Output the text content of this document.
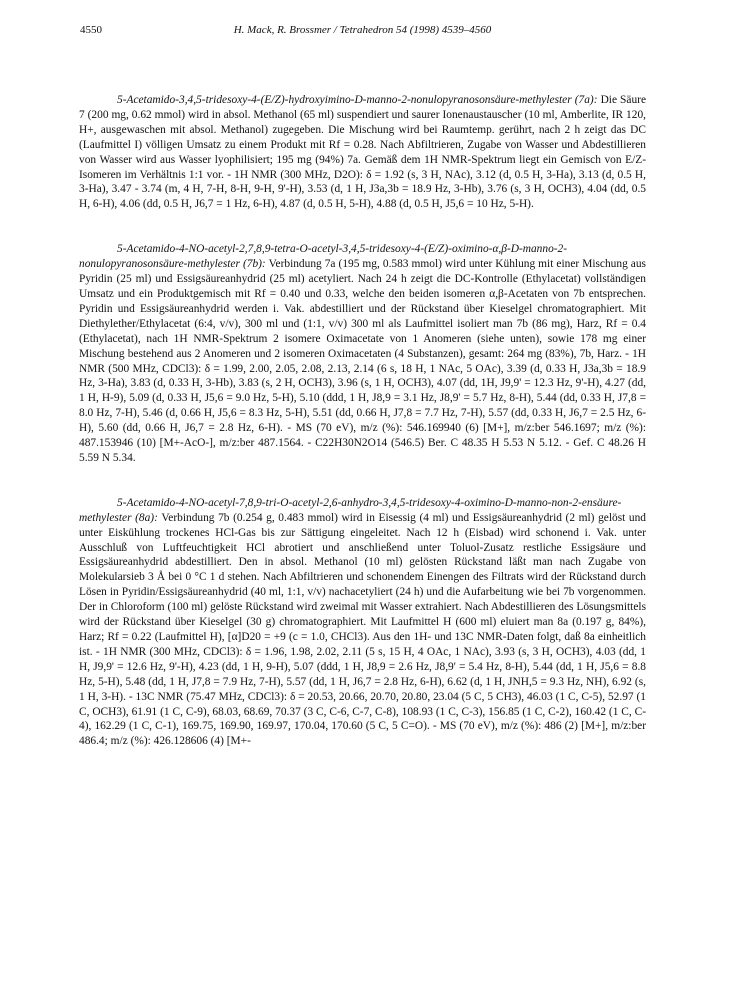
4550	H. Mack, R. Brossmer / Tetrahedron 54 (1998) 4539–4560

5-Acetamido-3,4,5-tridesoxy-4-(E/Z)-hydroxyimino-D-manno-2-nonulopyranosonsäure-methylester (7a): Die Säure 7 (200 mg, 0.62 mmol) wird in absol. Methanol (65 ml) suspendiert und saurer Ionenaustauscher (10 ml, Amberlite, IR 120, H+, ausgewaschen mit absol. Methanol) zugegeben. Die Mischung wird bei Raumtemp. gerührt, nach 2 h zeigt das DC (Laufmittel I) völligen Umsatz zu einem Produkt mit Rf = 0.28. Nach Abfiltrieren, Zugabe von Wasser und Abdestillieren von Wasser wird aus Wasser lyophilisiert; 195 mg (94%) 7a. Gemäß dem 1H NMR-Spektrum liegt ein Gemisch von E/Z-Isomeren im Verhältnis 1:1 vor. - 1H NMR (300 MHz, D2O): δ = 1.92 (s, 3 H, NAc), 3.12 (d, 0.5 H, 3-Ha), 3.13 (d, 0.5 H, 3-Ha), 3.47 - 3.74 (m, 4 H, 7-H, 8-H, 9-H, 9'-H), 3.53 (d, 1 H, J3a,3b = 18.9 Hz, 3-Hb), 3.76 (s, 3 H, OCH3), 4.04 (dd, 0.5 H, 6-H), 4.06 (dd, 0.5 H, J6,7 = 1 Hz, 6-H), 4.87 (d, 0.5 H, 5-H), 4.88 (d, 0.5 H, J5,6 = 10 Hz, 5-H).

5-Acetamido-4-NO-acetyl-2,7,8,9-tetra-O-acetyl-3,4,5-tridesoxy-4-(E/Z)-oximino-α,β-D-manno-2-nonulopyranosonsäure-methylester (7b): Verbindung 7a (195 mg, 0.583 mmol) wird unter Kühlung mit einer Mischung aus Pyridin (25 ml) und Essigsäureanhydrid (25 ml) acetyliert. Nach 24 h zeigt die DC-Kontrolle (Ethylacetat) vollständigen Umsatz und ein Produktgemisch mit Rf = 0.40 und 0.33, welche den beiden isomeren α,β-Acetaten von 7b entsprechen. Pyridin und Essigsäureanhydrid werden i. Vak. abdestilliert und der Rückstand über Kieselgel chromatographiert. Mit Diethylether/Ethylacetat (6:4, v/v), 300 ml und (1:1, v/v) 300 ml als Laufmittel isoliert man 7b (86 mg), Harz, Rf = 0.4 (Ethylacetat), nach 1H NMR-Spektrum 2 isomere Oximacetate von 1 Anomeren (siehe unten), sowie 178 mg einer Mischung bestehend aus 2 Anomeren und 2 isomeren Oximacetaten (4 Substanzen), gesamt: 264 mg (83%), 7b, Harz. - 1H NMR (500 MHz, CDCl3): δ = 1.99, 2.00, 2.05, 2.08, 2.13, 2.14 (6 s, 18 H, 1 NAc, 5 OAc), 3.39 (d, 0.33 H, J3a,3b = 18.9 Hz, 3-Ha), 3.83 (d, 0.33 H, 3-Hb), 3.83 (s, 2 H, OCH3), 3.96 (s, 1 H, OCH3), 4.07 (dd, 1H, J9,9' = 12.3 Hz, 9'-H), 4.27 (dd, 1 H, H-9), 5.09 (d, 0.33 H, J5,6 = 9.0 Hz, 5-H), 5.10 (ddd, 1 H, J8,9 = 3.1 Hz, J8,9' = 5.7 Hz, 8-H), 5.44 (dd, 0.33 H, J7,8 = 8.0 Hz, 7-H), 5.46 (d, 0.66 H, J5,6 = 8.3 Hz, 5-H), 5.51 (dd, 0.66 H, J7,8 = 7.7 Hz, 7-H), 5.57 (dd, 0.33 H, J6,7 = 2.5 Hz, 6-H), 5.60 (dd, 0.66 H, J6,7 = 2.8 Hz, 6-H). - MS (70 eV), m/z (%): 546.169940 (6) [M+], m/z:ber 546.1697; m/z (%): 487.153946 (10) [M+-AcO-], m/z:ber 487.1564. - C22H30N2O14 (546.5) Ber. C 48.35 H 5.53 N 5.12. - Gef. C 48.26 H 5.59 N 5.34.

5-Acetamido-4-NO-acetyl-7,8,9-tri-O-acetyl-2,6-anhydro-3,4,5-tridesoxy-4-oximino-D-manno-non-2-ensäure-methylester (8a): Verbindung 7b (0.254 g, 0.483 mmol) wird in Eisessig (4 ml) und Essigsäureanhydrid (2 ml) gelöst und unter Eiskühlung trockenes HCl-Gas bis zur Sättigung eingeleitet. Nach 12 h (Eisbad) wird schonend i. Vak. unter Ausschluß von Luftfeuchtigkeit HCl abrotiert und anschließend unter Toluol-Zusatz restliche Essigsäure und Essigsäureanhydrid abdestilliert. Den in absol. Methanol (10 ml) gelösten Rückstand läßt man nach Zugabe von Molekularsieb 3 Å bei 0 °C 1 d stehen. Nach Abfiltrieren und schonendem Einengen des Filtrats wird der Rückstand durch Lösen in Pyridin/Essigsäureanhydrid (40 ml, 1:1, v/v) nachacetyliert (24 h) und die Aufarbeitung wie bei 7b vorgenommen. Der in Chloroform (100 ml) gelöste Rückstand wird zweimal mit Wasser extrahiert. Nach Abdestillieren des Lösungsmittels wird der Rückstand über Kieselgel (30 g) chromatographiert. Mit Laufmittel H (600 ml) eluiert man 8a (0.197 g, 84%), Harz; Rf = 0.22 (Laufmittel H), [α]D20 = +9 (c = 1.0, CHCl3). Aus den 1H- und 13C NMR-Daten folgt, daß 8a einheitlich ist. - 1H NMR (300 MHz, CDCl3): δ = 1.96, 1.98, 2.02, 2.11 (5 s, 15 H, 4 OAc, 1 NAc), 3.93 (s, 3 H, OCH3), 4.03 (dd, 1 H, J9,9' = 12.6 Hz, 9'-H), 4.23 (dd, 1 H, 9-H), 5.07 (ddd, 1 H, J8,9 = 2.6 Hz, J8,9' = 5.4 Hz, 8-H), 5.44 (dd, 1 H, J5,6 = 8.8 Hz, 5-H), 5.48 (dd, 1 H, J7,8 = 7.9 Hz, 7-H), 5.57 (dd, 1 H, J6,7 = 2.8 Hz, 6-H), 6.62 (d, 1 H, JNH,5 = 9.3 Hz, NH), 6.92 (s, 1 H, 3-H). - 13C NMR (75.47 MHz, CDCl3): δ = 20.53, 20.66, 20.70, 20.80, 23.04 (5 C, 5 CH3), 46.03 (1 C, C-5), 52.97 (1 C, OCH3), 61.91 (1 C, C-9), 68.03, 68.69, 70.37 (3 C, C-6, C-7, C-8), 108.93 (1 C, C-3), 156.85 (1 C, C-2), 160.42 (1 C, C-4), 162.29 (1 C, C-1), 169.75, 169.90, 169.97, 170.04, 170.60 (5 C, 5 C=O). - MS (70 eV), m/z (%): 486 (2) [M+], m/z:ber 486.4; m/z (%): 426.128606 (4) [M+-
